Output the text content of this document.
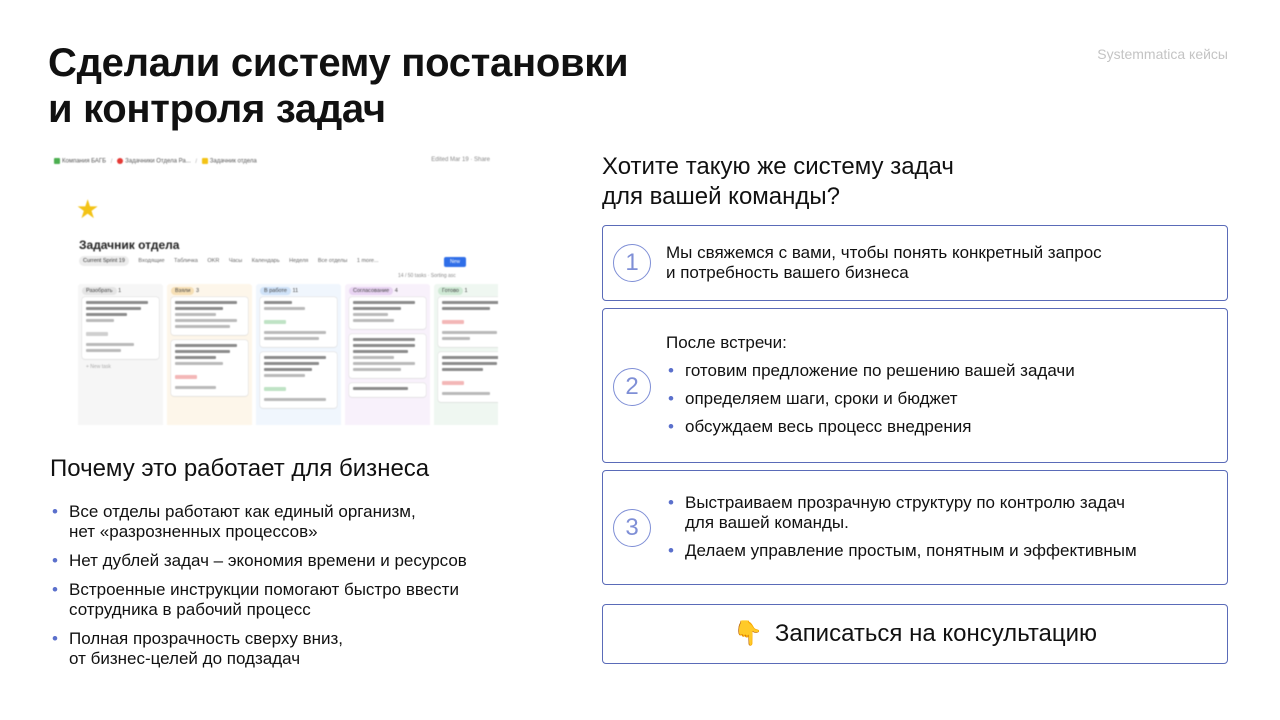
Systemmatica кейсы
Сделали систему постановки
и контроля задач
Компания БАГБ / Задачники Отдела Ра... / Задачник отдела	Edited Mar 19 · Share
★
Задачник отдела
Current Sprint 19 Входящие Табличка OKR Часы Календарь Неделя Все отделы 1 more...	New
14 / 50 tasks · Sorting asc
Разобрать 1
+ New task
Взяли 3	В работе 11	Согласование 4	Готово 1
Хотите такую же систему задач
для вашей команды?
1	Мы свяжемся с вами, чтобы понять конкретный запрос
и потребность вашего бизнеса
2
После встречи:
• готовим предложение по решению вашей задачи
• определяем шаги, сроки и бюджет
• обсуждаем весь процесс внедрения
3
• Выстраиваем прозрачную структуру по контролю задач
для вашей команды.
• Делаем управление простым, понятным и эффективным
👇 Записаться на консультацию
Почему это работает для бизнеса
• Все отделы работают как единый организм,
нет «разрозненных процессов»
• Нет дублей задач – экономия времени и ресурсов
• Встроенные инструкции помогают быстро ввести
сотрудника в рабочий процесс
• Полная прозрачность сверху вниз,
от бизнес-целей до подзадач
